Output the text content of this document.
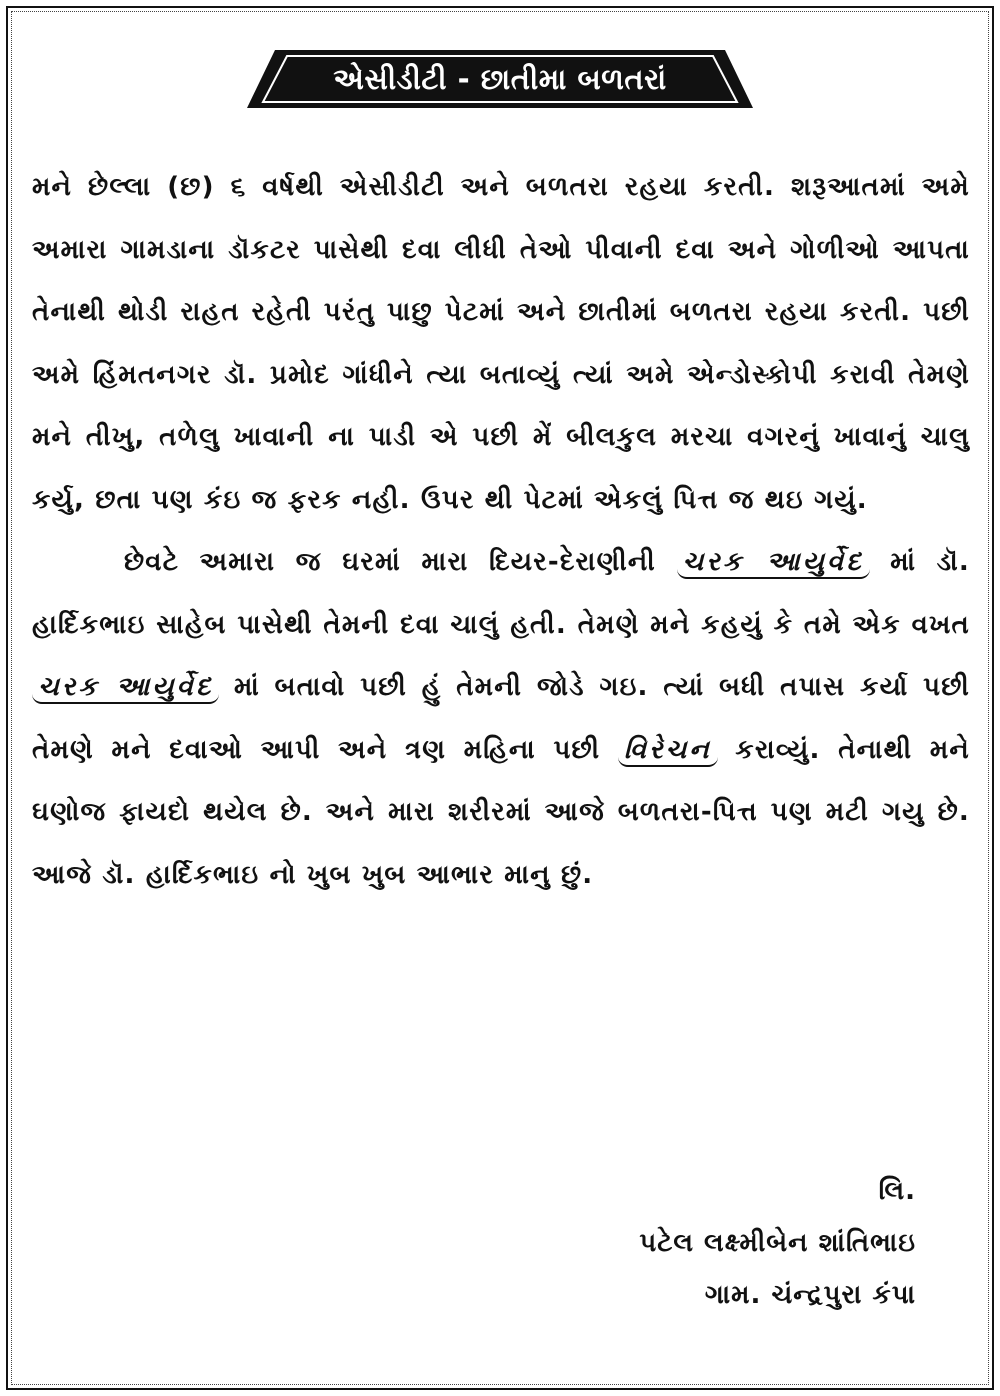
એસીડીટી - છાતીમા બળતરાં

મને છેલ્લા (છ) ૬ વર્ષથી એસીડીટી અને બળતરા રહયા કરતી. શરૂઆતમાં અમે અમારા ગામડાના ડૉકટર પાસેથી દવા લીધી તેઓ પીવાની દવા અને ગોળીઓ આપતા તેનાથી થોડી રાહત રહેતી પરંતુ પાછુ પેટમાં અને છાતીમાં બળતરા રહયા કરતી. પછી અમે હિંમતનગર ડૉ. પ્રમોદ ગાંધીને ત્યા બતાવ્યું ત્યાં અમે એન્ડોસ્કોપી કરાવી તેમણે મને તીખુ, તળેલુ ખાવાની ના પાડી એ પછી મેં બીલકુલ મરચા વગરનું ખાવાનું ચાલુ કર્યુ, છતા પણ કંઇ જ ફરક નહી. ઉપર થી પેટમાં એકલું પિત્ત જ થઇ ગયું.

છેવટે અમારા જ ઘરમાં મારા દિયર-દેરાણીની ચરક આયુર્વેદ માં ડૉ. હાર્દિકભાઇ સાહેબ પાસેથી તેમની દવા ચાલું હતી. તેમણે મને કહયું કે તમે એક વખત ચરક આયુર્વેદ માં બતાવો પછી હું તેમની જોડે ગઇ. ત્યાં બધી તપાસ કર્યા પછી તેમણે મને દવાઓ આપી અને ત્રણ મહિના પછી વિરેચન કરાવ્યું. તેનાથી મને ઘણોજ ફાયદો થયેલ છે. અને મારા શરીરમાં આજે બળતરા-પિત્ત પણ મટી ગયુ છે. આજે ડૉ. હાર્દિકભાઇ નો ખુબ ખુબ આભાર માનુ છું.

લિ.
પટેલ લક્ષ્મીબેન શાંતિભાઇ
ગામ. ચંન્દ્રપુરા કંપા
